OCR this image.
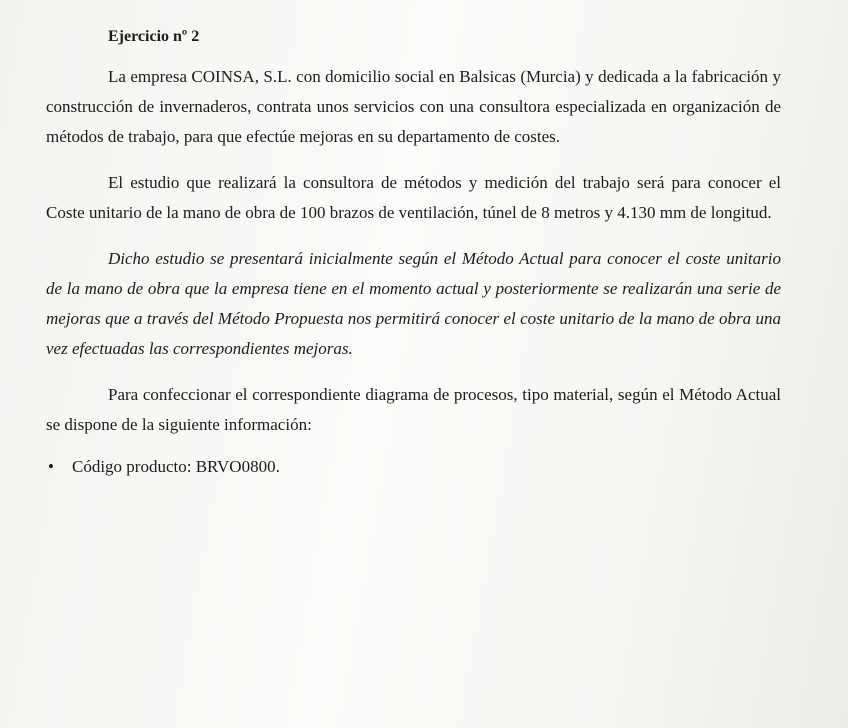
Ejercicio nº 2

La empresa COINSA, S.L. con domicilio social en Balsicas (Murcia) y dedicada a la fabricación y construcción de invernaderos, contrata unos servicios con una consultora especializada en organización de métodos de trabajo, para que efectúe mejoras en su departamento de costes.

El estudio que realizará la consultora de métodos y medición del trabajo será para conocer el Coste unitario de la mano de obra de 100 brazos de ventilación, túnel de 8 metros y 4.130 mm de longitud.

Dicho estudio se presentará inicialmente según el Método Actual para conocer el coste unitario de la mano de obra que la empresa tiene en el momento actual y posteriormente se realizarán una serie de mejoras que a través del Método Propuesta nos permitirá conocer el coste unitario de la mano de obra una vez efectuadas las correspondientes mejoras.

Para confeccionar el correspondiente diagrama de procesos, tipo material, según el Método Actual se dispone de la siguiente información:

• Código producto: BRVO0800.
